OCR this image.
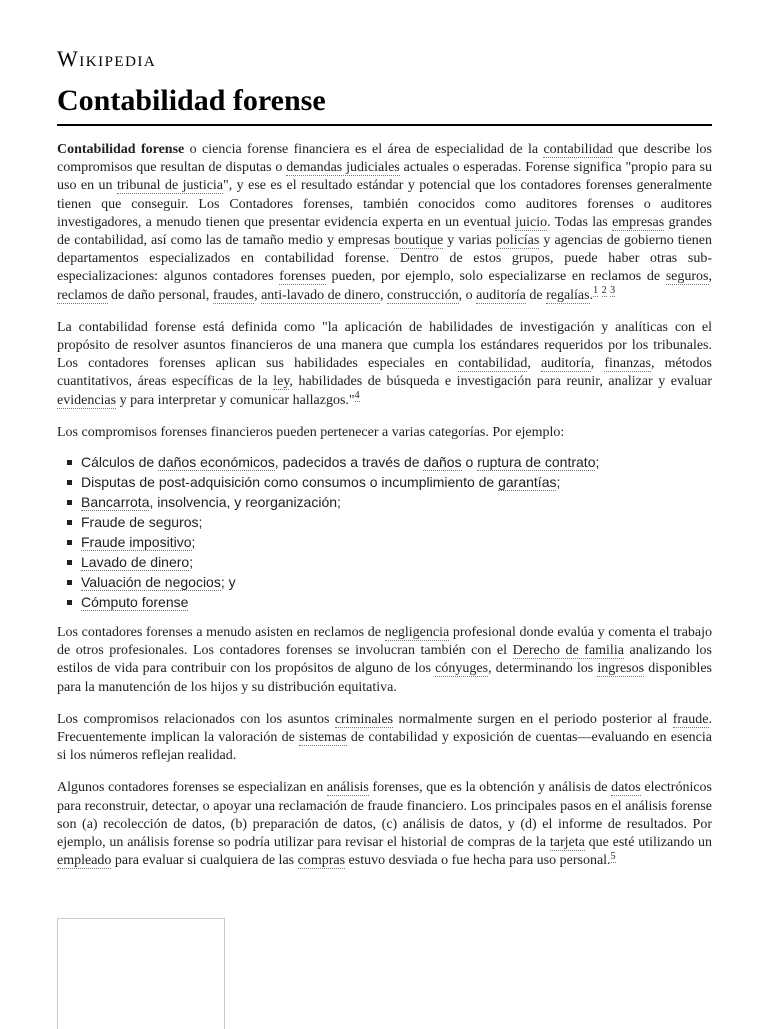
Wikipedia
Contabilidad forense

Contabilidad forense o ciencia forense financiera es el área de especialidad de la contabilidad que describe los compromisos que resultan de disputas o demandas judiciales actuales o esperadas. Forense significa "propio para su uso en un tribunal de justicia", y ese es el resultado estándar y potencial que los contadores forenses generalmente tienen que conseguir. Los Contadores forenses, también conocidos como auditores forenses o auditores investigadores, a menudo tienen que presentar evidencia experta en un eventual juicio. Todas las empresas grandes de contabilidad, así como las de tamaño medio y empresas boutique y varias policías y agencias de gobierno tienen departamentos especializados en contabilidad forense. Dentro de estos grupos, puede haber otras sub-especializaciones: algunos contadores forenses pueden, por ejemplo, solo especializarse en reclamos de seguros, reclamos de daño personal, fraudes, anti-lavado de dinero, construcción, o auditoría de regalías.$^1$ $^2$ $^3$

La contabilidad forense está definida como "la aplicación de habilidades de investigación y analíticas con el propósito de resolver asuntos financieros de una manera que cumpla los estándares requeridos por los tribunales. Los contadores forenses aplican sus habilidades especiales en contabilidad, auditoría, finanzas, métodos cuantitativos, áreas específicas de la ley, habilidades de búsqueda e investigación para reunir, analizar y evaluar evidencias y para interpretar y comunicar hallazgos."$^4$

Los compromisos forenses financieros pueden pertenecer a varias categorías. Por ejemplo:

Cálculos de daños económicos, padecidos a través de daños o ruptura de contrato;
Disputas de post-adquisición como consumos o incumplimiento de garantías;
Bancarrota, insolvencia, y reorganización;
Fraude de seguros;
Fraude impositivo;
Lavado de dinero;
Valuación de negocios; y
Cómputo forense

Los contadores forenses a menudo asisten en reclamos de negligencia profesional donde evalúa y comenta el trabajo de otros profesionales. Los contadores forenses se involucran también con el Derecho de familia analizando los estilos de vida para contribuir con los propósitos de alguno de los cónyuges, determinando los ingresos disponibles para la manutención de los hijos y su distribución equitativa.

Los compromisos relacionados con los asuntos criminales normalmente surgen en el periodo posterior al fraude. Frecuentemente implican la valoración de sistemas de contabilidad y exposición de cuentas—evaluando en esencia si los números reflejan realidad.

Algunos contadores forenses se especializan en análisis forenses, que es la obtención y análisis de datos electrónicos para reconstruir, detectar, o apoyar una reclamación de fraude financiero. Los principales pasos en el análisis forense son (a) recolección de datos, (b) preparación de datos, (c) análisis de datos, y (d) el informe de resultados. Por ejemplo, un análisis forense so podría utilizar para revisar el historial de compras de la tarjeta que esté utilizando un empleado para evaluar si cualquiera de las compras estuvo desviada o fue hecha para uso personal.$^5$
